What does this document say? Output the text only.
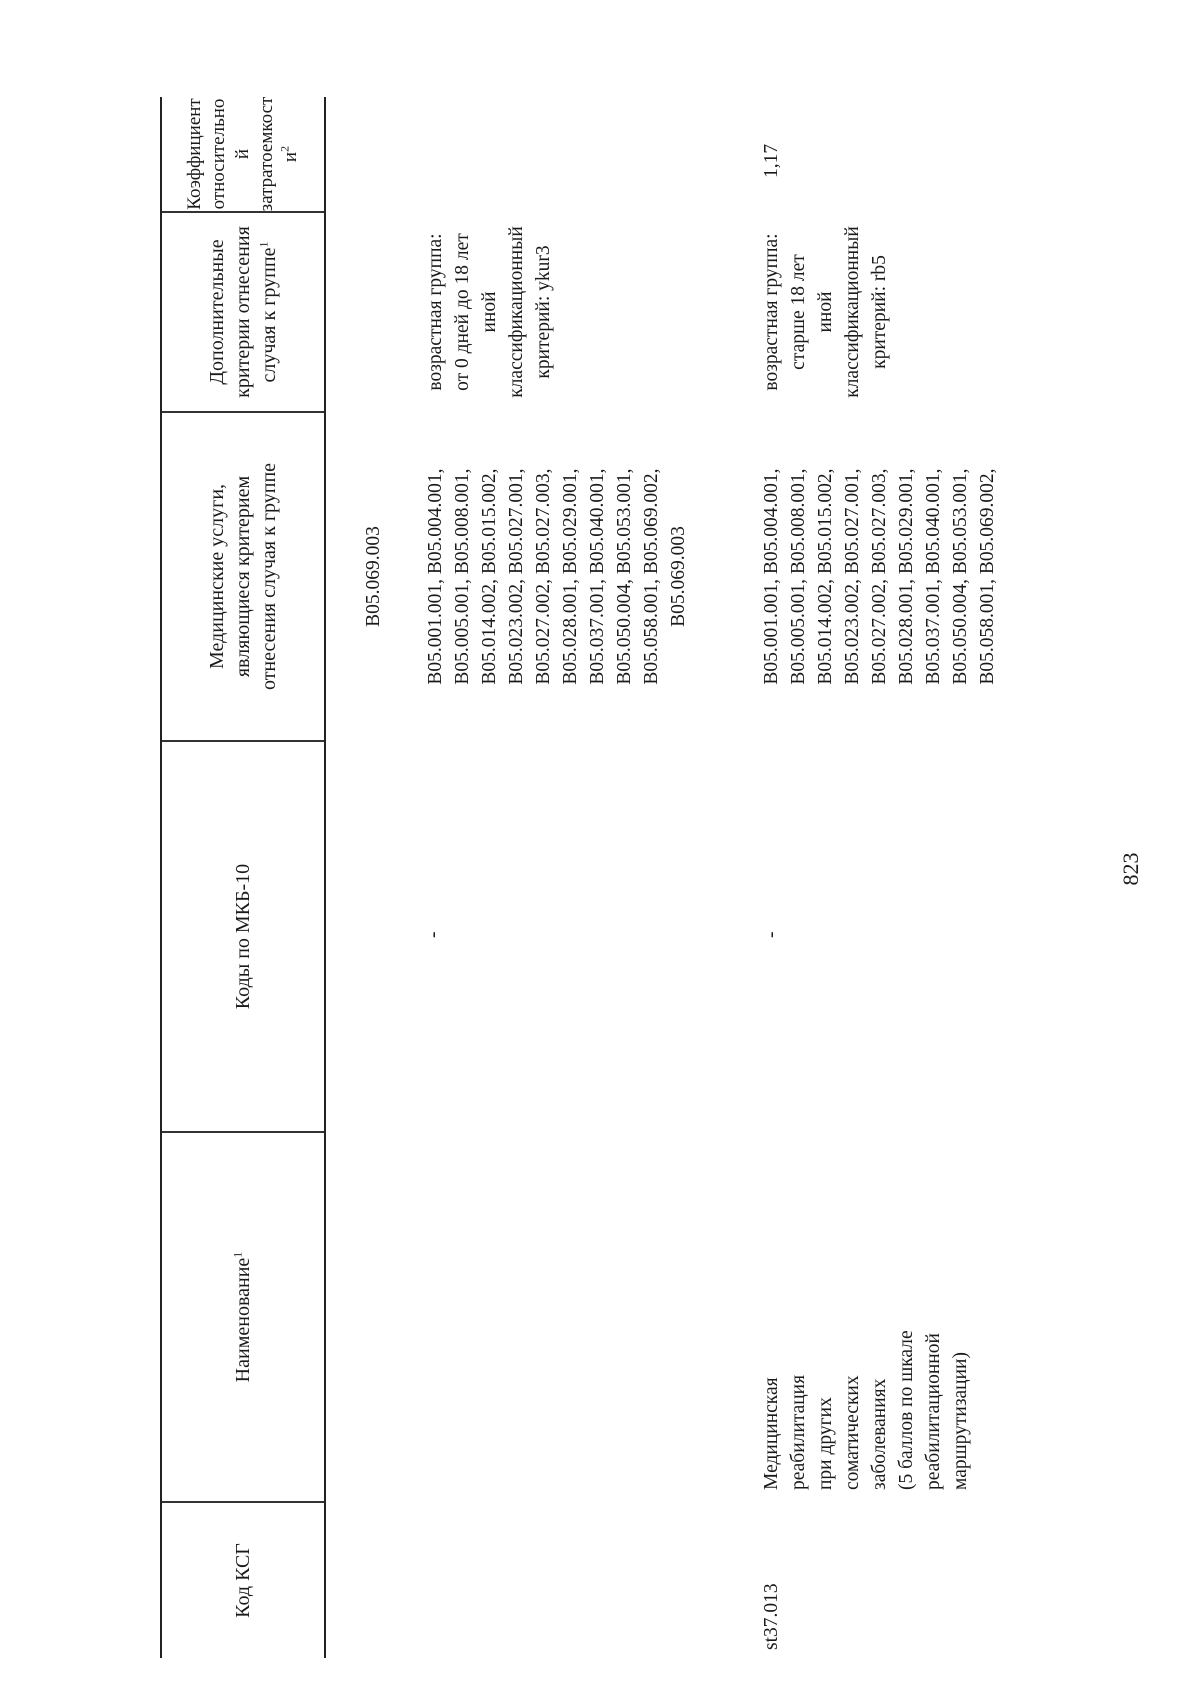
823
Код КСГ
Наименование$^1$
Коды по МКБ-10
Медицинские услуги,
являющиеся критерием
отнесения случая к группе
Дополнительные
критерии отнесения
случая к группе$^1$
Коэффициент
относительно
й
затратоемкост
$и^2$
B05.069.003
-
B05.001.001, B05.004.001,
B05.005.001, B05.008.001,
B05.014.002, B05.015.002,
B05.023.002, B05.027.001,
B05.027.002, B05.027.003,
B05.028.001, B05.029.001,
B05.037.001, B05.040.001,
B05.050.004, B05.053.001,
B05.058.001, B05.069.002,
B05.069.003
возрастная группа:
от 0 дней до 18 лет
иной
классификационный
критерий: ykur3
st37.013
Медицинская
реабилитация
при других
соматических
заболеваниях
(5 баллов по шкале
реабилитационной
маршрутизации)
-
B05.001.001, B05.004.001,
B05.005.001, B05.008.001,
B05.014.002, B05.015.002,
B05.023.002, B05.027.001,
B05.027.002, B05.027.003,
B05.028.001, B05.029.001,
B05.037.001, B05.040.001,
B05.050.004, B05.053.001,
B05.058.001, B05.069.002,
возрастная группа:
старше 18 лет
иной
классификационный
критерий: rb5
1,17
